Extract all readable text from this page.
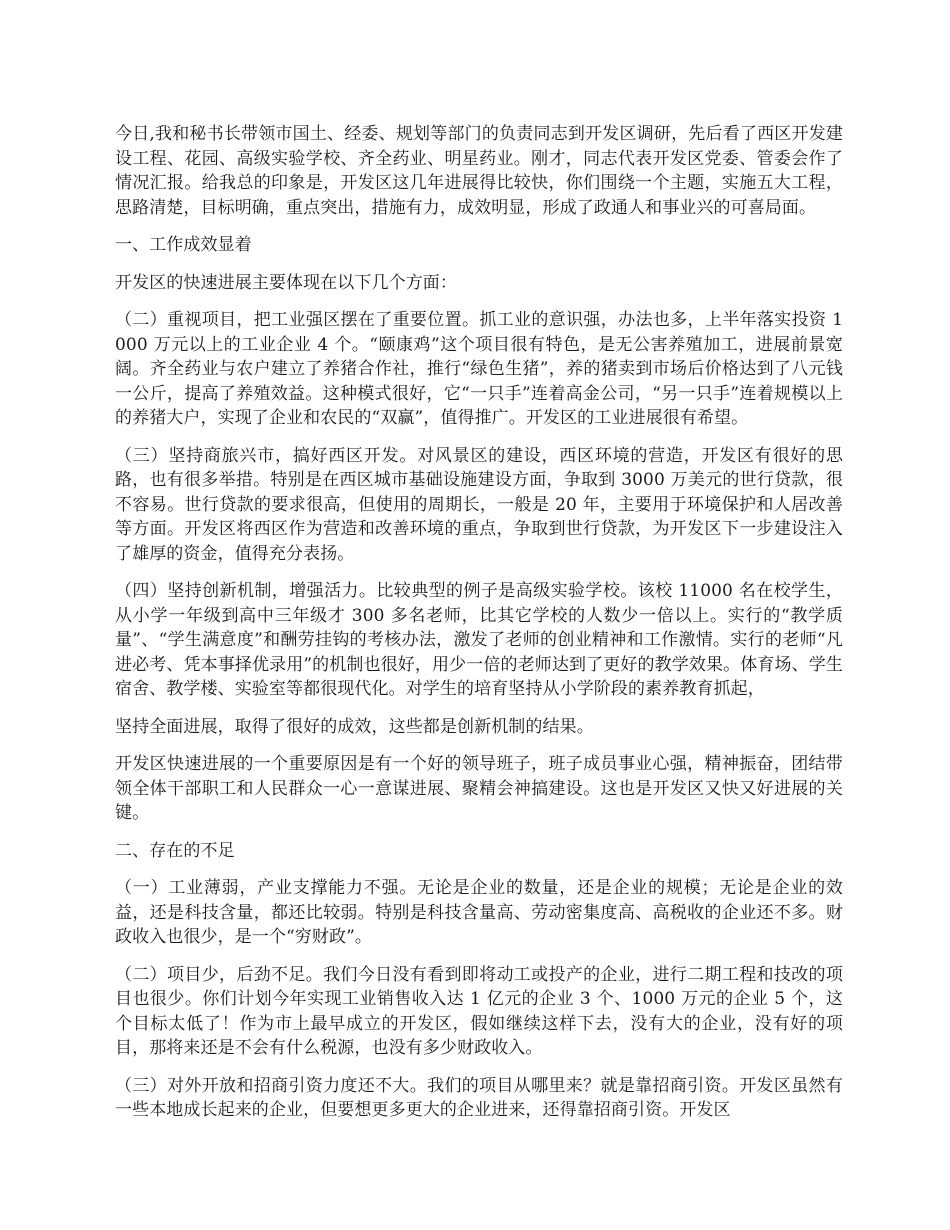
今日,我和秘书长带领市国土、经委、规划等部门的负责同志到开发区调研，先后看了西区开发建设工程、花园、高级实验学校、齐全药业、明星药业。刚才，同志代表开发区党委、管委会作了情况汇报。给我总的印象是，开发区这几年进展得比较快，你们围绕一个主题，实施五大工程，思路清楚，目标明确，重点突出，措施有力，成效明显，形成了政通人和事业兴的可喜局面。

一、工作成效显着

开发区的快速进展主要体现在以下几个方面：

（二）重视项目，把工业强区摆在了重要位置。抓工业的意识强，办法也多，上半年落实投资 1000 万元以上的工业企业 4 个。“颐康鸡”这个项目很有特色，是无公害养殖加工，进展前景宽阔。齐全药业与农户建立了养猪合作社，推行“绿色生猪”，养的猪卖到市场后价格达到了八元钱一公斤，提高了养殖效益。这种模式很好，它“一只手”连着高金公司，“另一只手”连着规模以上的养猪大户，实现了企业和农民的“双赢”，值得推广。开发区的工业进展很有希望。

（三）坚持商旅兴市，搞好西区开发。对风景区的建设，西区环境的营造，开发区有很好的思路，也有很多举措。特别是在西区城市基础设施建设方面，争取到 3000 万美元的世行贷款，很不容易。世行贷款的要求很高，但使用的周期长，一般是 20 年，主要用于环境保护和人居改善等方面。开发区将西区作为营造和改善环境的重点，争取到世行贷款，为开发区下一步建设注入了雄厚的资金，值得充分表扬。

（四）坚持创新机制，增强活力。比较典型的例子是高级实验学校。该校 11000 名在校学生，从小学一年级到高中三年级才 300 多名老师，比其它学校的人数少一倍以上。实行的“教学质量”、“学生满意度”和酬劳挂钩的考核办法，激发了老师的创业精神和工作激情。实行的老师“凡进必考、凭本事择优录用”的机制也很好，用少一倍的老师达到了更好的教学效果。体育场、学生宿舍、教学楼、实验室等都很现代化。对学生的培育坚持从小学阶段的素养教育抓起，

坚持全面进展，取得了很好的成效，这些都是创新机制的结果。

开发区快速进展的一个重要原因是有一个好的领导班子，班子成员事业心强，精神振奋，团结带领全体干部职工和人民群众一心一意谋进展、聚精会神搞建设。这也是开发区又快又好进展的关键。

二、存在的不足

（一）工业薄弱，产业支撑能力不强。无论是企业的数量，还是企业的规模；无论是企业的效益，还是科技含量，都还比较弱。特别是科技含量高、劳动密集度高、高税收的企业还不多。财政收入也很少，是一个“穷财政”。

（二）项目少，后劲不足。我们今日没有看到即将动工或投产的企业，进行二期工程和技改的项目也很少。你们计划今年实现工业销售收入达 1 亿元的企业 3 个、1000 万元的企业 5 个，这个目标太低了！作为市上最早成立的开发区，假如继续这样下去，没有大的企业，没有好的项目，那将来还是不会有什么税源，也没有多少财政收入。

（三）对外开放和招商引资力度还不大。我们的项目从哪里来？就是靠招商引资。开发区虽然有一些本地成长起来的企业，但要想更多更大的企业进来，还得靠招商引资。开发区
